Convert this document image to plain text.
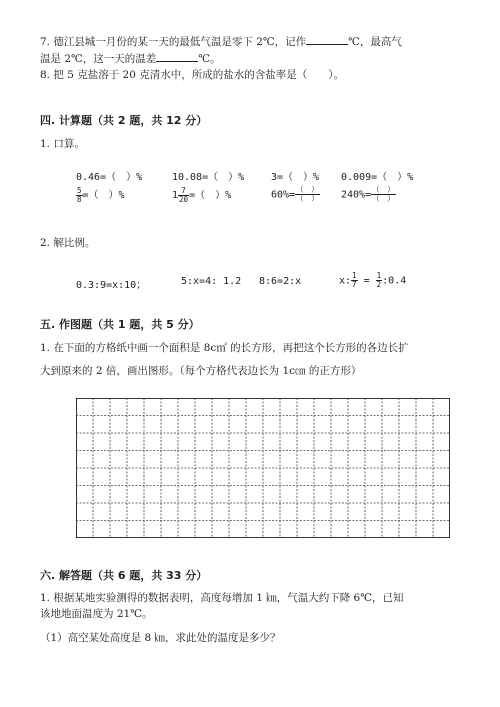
7. 德江县城一月份的某一天的最低气温是零下 2℃，记作	℃，最高气
温是 2℃，这一天的温差	℃。
8. 把 5 克盐溶于 20 克清水中，所成的盐水的含盐率是（　　）。
四. 计算题（共 2 题，共 12 分）
1. 口算。
0.46=（　）%	10.08=（　）%	3=（　）% 0.009=（　）%
$\frac{5}{8}$ =（　）%	$1 \frac{7}{20}$ =（　）%	$60\%= \frac{( )}{( )} 240\%= \frac{( )}{( )}$
2. 解比例。
0.3:9=x:10；	5:x=4: 1.2 8:6=2:x	x: $\frac{1}{7} = \frac{1}{2}$ :0.4
五. 作图题（共 1 题，共 5 分）
1. 在下面的方格纸中画一个面积是 8c㎡ 的长方形，再把这个长方形的各边长扩
大到原来的 2 倍，画出图形。（每个方格代表边长为 1c㎝ 的正方形）
六. 解答题（共 6 题，共 33 分）
1. 根据某地实验测得的数据表明，高度每增加 1 ㎞，气温大约下降 6℃，已知
该地地面温度为 21℃。
（1）高空某处高度是 8 ㎞，求此处的温度是多少？
